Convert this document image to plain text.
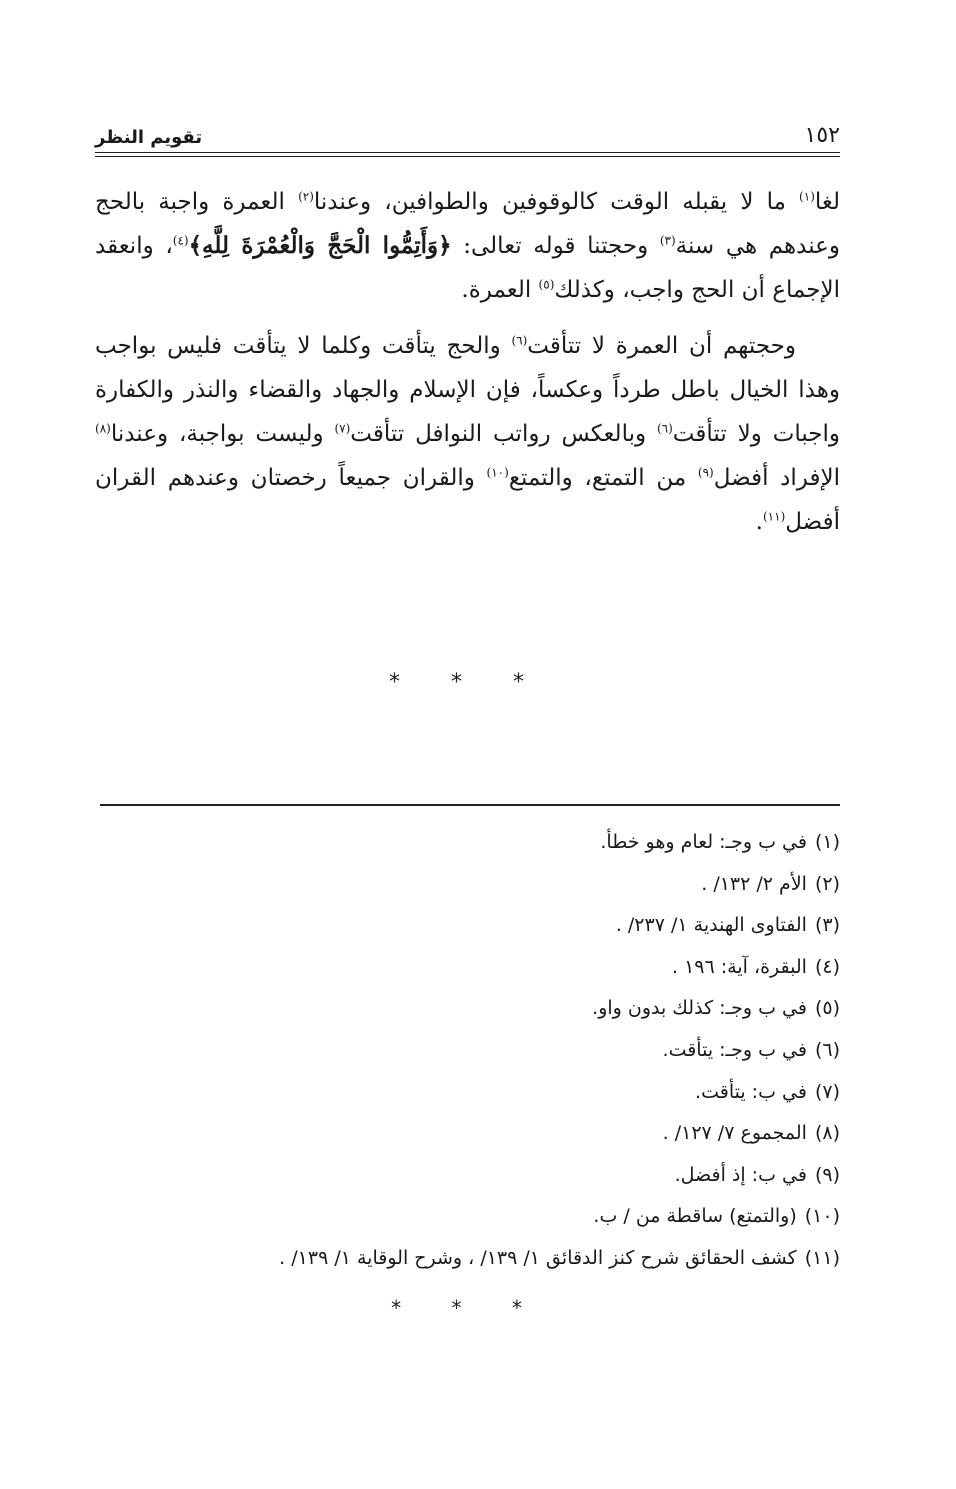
١٥٢
تقويم النظر

لغا$^{(١)}$ ما لا يقبله الوقت كالوقوفين والطوافين، وعندنا$^{(٢)}$ العمرة واجبة بالحج وعندهم هي سنة$^{(٣)}$ وحجتنا قوله تعالى: ﴿وَأَتِمُّوا الْحَجَّ وَالْعُمْرَةَ لِلَّهِ﴾$^{(٤)}$، وانعقد الإجماع أن الحج واجب، وكذلك$^{(٥)}$ العمرة.

وحجتهم أن العمرة لا تتأقت$^{(٦)}$ والحج يتأقت وكلما لا يتأقت فليس بواجب وهذا الخيال باطل طرداً وعكساً، فإن الإسلام والجهاد والقضاء والنذر والكفارة واجبات ولا تتأقت$^{(٦)}$ وبالعكس رواتب النوافل تتأقت$^{(٧)}$ وليست بواجبة، وعندنا$^{(٨)}$ الإفراد أفضل$^{(٩)}$ من التمتع، والتمتع$^{(١٠)}$ والقران جميعاً رخصتان وعندهم القران أفضل$^{(١١)}$.

* * *
(١)في ب وجـ: لعام وهو خطأ.
(٢)الأم ٢/ ١٣٢/ .
(٣)الفتاوى الهندية ١/ ٢٣٧/ .
(٤)البقرة، آية: ١٩٦ .
(٥)في ب وجـ: كذلك بدون واو.
(٦)في ب وجـ: يتأقت.
(٧)في ب: يتأقت.
(٨)المجموع ٧/ ١٢٧/ .
(٩)في ب: إذ أفضل.
(١٠)(والتمتع) ساقطة من / ب.
(١١)كشف الحقائق شرح كنز الدقائق ١/ ١٣٩/ ، وشرح الوقاية ١/ ١٣٩/ .
* * *
